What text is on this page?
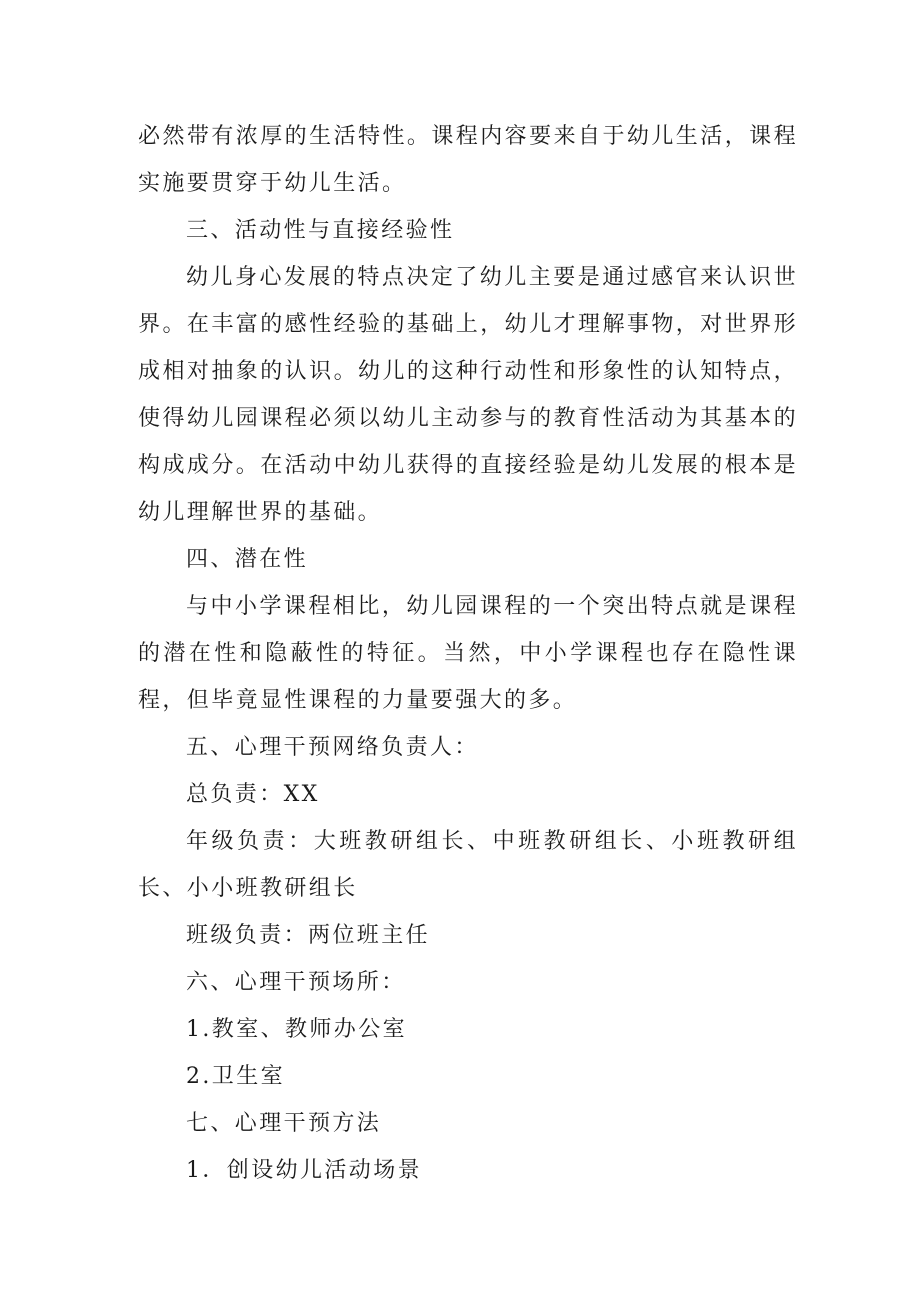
必然带有浓厚的生活特性。课程内容要来自于幼儿生活，课程实施要贯穿于幼儿生活。

三、活动性与直接经验性

幼儿身心发展的特点决定了幼儿主要是通过感官来认识世界。在丰富的感性经验的基础上，幼儿才理解事物，对世界形成相对抽象的认识。幼儿的这种行动性和形象性的认知特点，使得幼儿园课程必须以幼儿主动参与的教育性活动为其基本的构成成分。在活动中幼儿获得的直接经验是幼儿发展的根本是幼儿理解世界的基础。

四、潜在性

与中小学课程相比，幼儿园课程的一个突出特点就是课程的潜在性和隐蔽性的特征。当然，中小学课程也存在隐性课程，但毕竟显性课程的力量要强大的多。

五、心理干预网络负责人：

总负责：XX

年级负责：大班教研组长、中班教研组长、小班教研组长、小小班教研组长

班级负责：两位班主任

六、心理干预场所：

1.教室、教师办公室

2.卫生室

七、心理干预方法

1．创设幼儿活动场景
